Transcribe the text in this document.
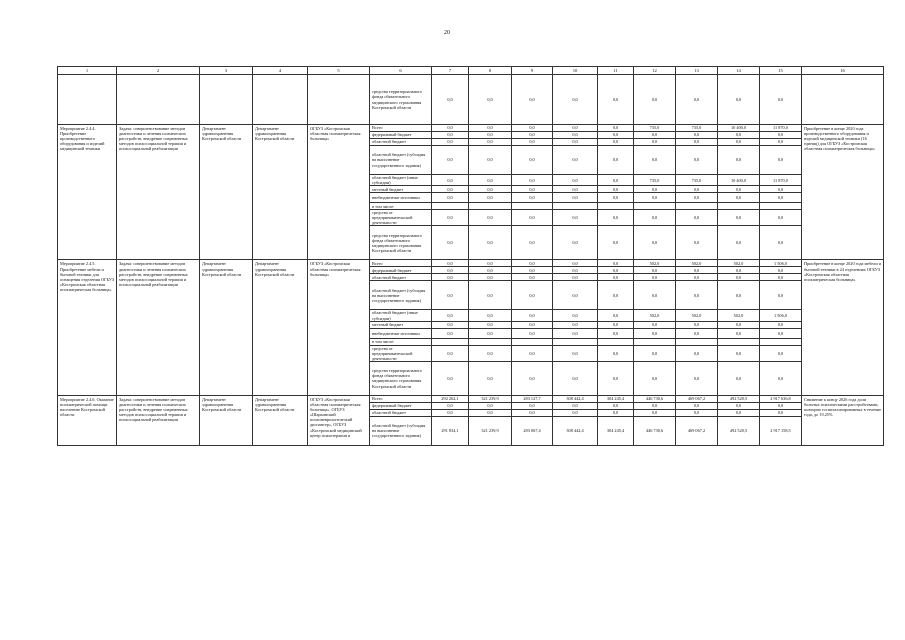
20
1	2	3	4	5	6	7	8	9	10	11	12	13	14	15	16
					средства территориального фонда обязательного медицинского страхования Костромской области	0,0	0,0	0,0	0,0	0,0	0,0	0,0	0,0	0,0	
Мероприятие 2.4.4. Приобретение производственного оборудования и изделий медицинской техники	Задача: совершенствование методов диагностики и лечения психических расстройств, внедрение современных методов психосоциальной терапии и психосоциальной реабилитации	Департамент здравоохранения Костромской области	Департамент здравоохранения Костромской области	ОГБУЗ «Костромская областная психиатрическая больница»	Всего	0,0	0,0	0,0	0,0	0,0	735,0	735,0	10 400,0	11 870,0	Приобретение в конце 2020 года производственного оборудования и изделий медицинской техники (16 единиц) для ОГБУЗ «Костромская областная психиатрическая больница»
					федеральный бюджет	0,0	0,0	0,0	0,0	0,0	0,0	0,0	0,0	0,0	
					областной бюджет	0,0	0,0	0,0	0,0	0,0	0,0	0,0	0,0	0,0	
					областной бюджет (субсидия на выполнение государственного задания)	0,0	0,0	0,0	0,0	0,0	0,0	0,0	0,0	0,0	
					областной бюджет (иные субсидии)	0,0	0,0	0,0	0,0	0,0	735,0	735,0	10 400,0	11 870,0	
					местный бюджет	0,0	0,0	0,0	0,0	0,0	0,0	0,0	0,0	0,0	
					внебюджетные источники	0,0	0,0	0,0	0,0	0,0	0,0	0,0	0,0	0,0	
					в том числе:										
					средства от предпринимательской деятельности	0,0	0,0	0,0	0,0	0,0	0,0	0,0	0,0	0,0	
					средства территориального фонда обязательного медицинского страхования Костромской области	0,0	0,0	0,0	0,0	0,0	0,0	0,0	0,0	0,0	
Мероприятие 2.4.5. Приобретение мебели и бытовой техники для оснащения отделения ОГБУЗ «Костромская областная психиатрическая больница»	Задача: совершенствование методов диагностики и лечения психических расстройств, внедрение современных методов психосоциальной терапии и психосоциальной реабилитации	Департамент здравоохранения Костромской области	Департамент здравоохранения Костромской области	ОГБУЗ «Костромская областная психиатрическая больница»	Всего	0,0	0,0	0,0	0,0	0,0	502,0	502,0	502,0	1 506,0	Приобретение в конце 2020 года мебели и бытовой техники в 24 отделениях ОГБУЗ «Костромская областная психиатрическая больница»
					федеральный бюджет	0,0	0,0	0,0	0,0	0,0	0,0	0,0	0,0	0,0	
					областной бюджет	0,0	0,0	0,0	0,0	0,0	0,0	0,0	0,0	0,0	
					областной бюджет (субсидия на выполнение государственного задания)	0,0	0,0	0,0	0,0	0,0	0,0	0,0	0,0	0,0	
					областной бюджет (иные субсидии)	0,0	0,0	0,0	0,0	0,0	502,0	502,0	502,0	1 506,0	
					местный бюджет	0,0	0,0	0,0	0,0	0,0	0,0	0,0	0,0	0,0	
					внебюджетные источники	0,0	0,0	0,0	0,0	0,0	0,0	0,0	0,0	0,0	
					в том числе:										
					средства от предпринимательской деятельности	0,0	0,0	0,0	0,0	0,0	0,0	0,0	0,0	0,0	
					средства территориального фонда обязательного медицинского страхования Костромской области	0,0	0,0	0,0	0,0	0,0	0,0	0,0	0,0	0,0	
Мероприятие 2.4.6. Оказание психиатрической помощи населению Костромской области	Задача: совершенствование методов диагностики и лечения психических расстройств, внедрение современных методов психосоциальной терапии и психосоциальной реабилитации	Департамент здравоохранения Костромской области	Департамент здравоохранения Костромской области	ОГБУЗ «Костромская областная психиатрическая больница», ОГБУЗ «Шарьинский психоневрологический диспансер», ОГБУЗ «Костромской медицинский центр психотерапии и	Всего	292 262,1	321 239,9	283 127,7	308 442,4	304 245,4	446 730,6	469 067,2	492 520,5	2 917 636,8	Снижение к концу 2026 года доли больных психическими расстройствами, повторно госпитализированных в течение года, до 19,25%
					федеральный бюджет	0,0	0,0	0,0	0,0	0,0	0,0	0,0	0,0	0,0	
					областной бюджет	0,0	0,0	0,0	0,0	0,0	0,0	0,0	0,0	0,0	
					областной бюджет (субсидия на выполнение государственного задания)	291 834,1	321 239,9	283 067,4	308 442,4	304 245,4	446 730,6	469 067,2	492 520,5	2 917 158,5	
